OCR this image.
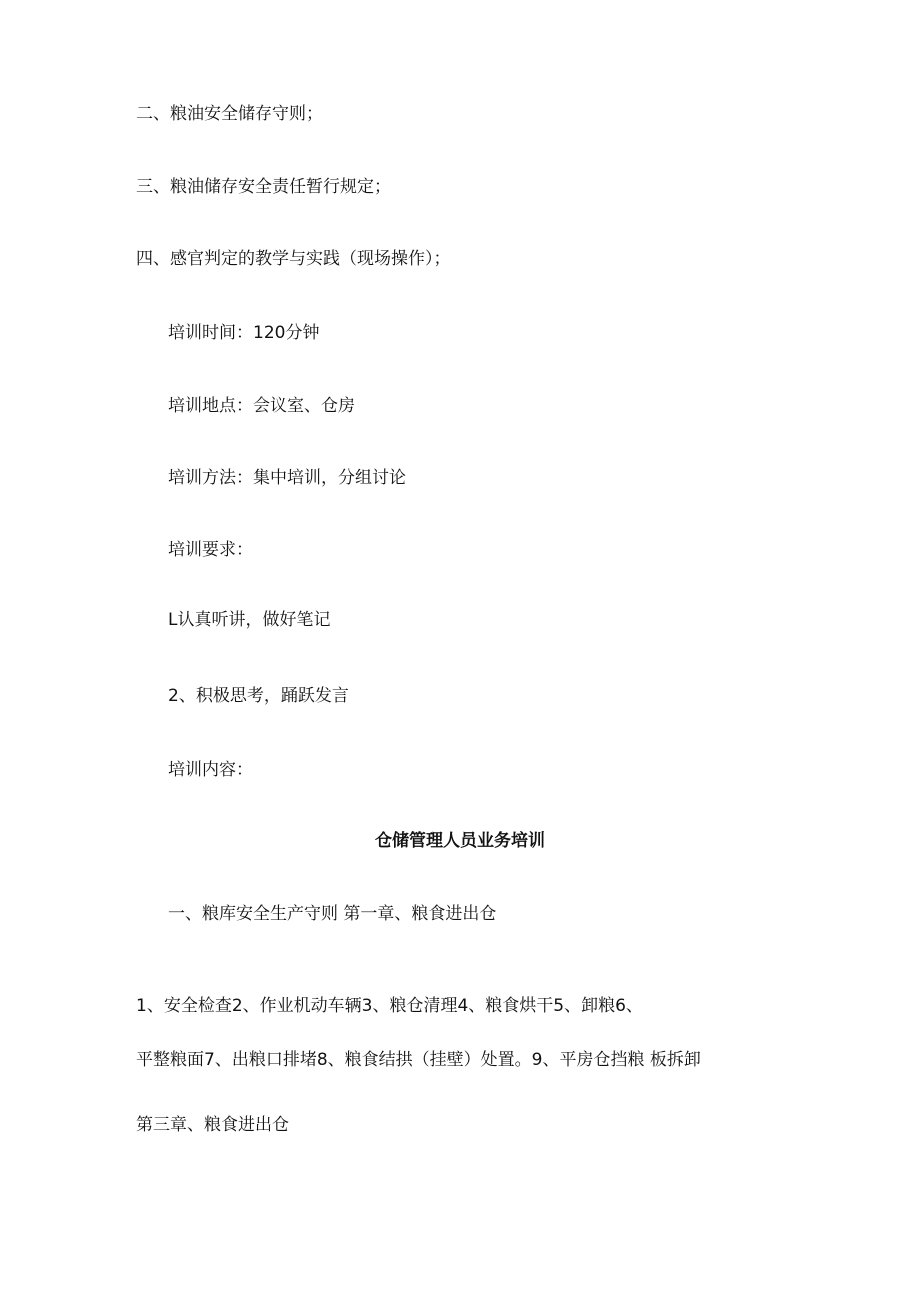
二、粮油安全储存守则；

三、粮油储存安全责任暂行规定；

四、感官判定的教学与实践（现场操作）；

培训时间：120分钟

培训地点：会议室、仓房

培训方法：集中培训，分组讨论

培训要求：

L认真听讲，做好笔记

2、积极思考，踊跃发言

培训内容：

仓储管理人员业务培训

一、粮库安全生产守则 第一章、粮食进出仓

1、安全检查2、作业机动车辆3、粮仓清理4、粮食烘干5、卸粮6、

平整粮面7、出粮口排堵8、粮食结拱（挂壁）处置。9、平房仓挡粮 板拆卸

第三章、粮食进出仓
